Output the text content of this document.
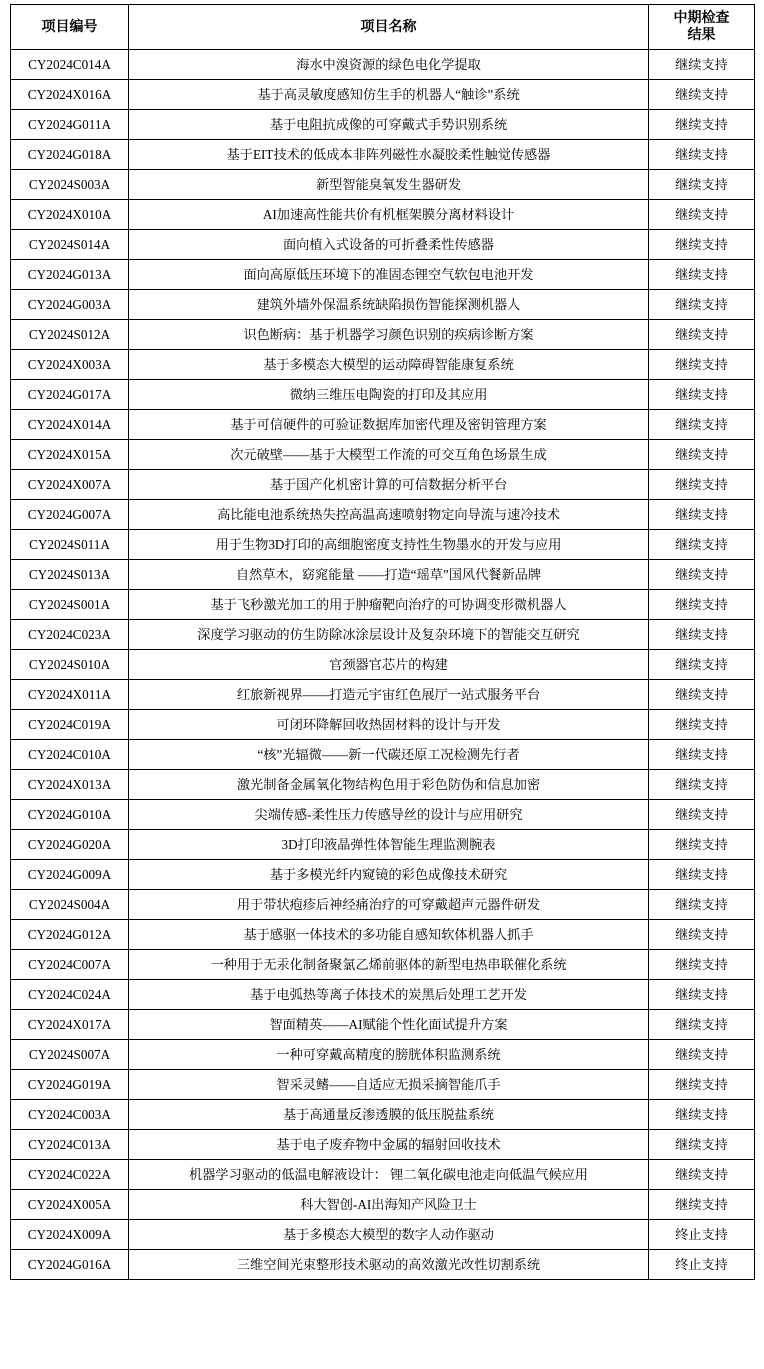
项目编号	项目名称	中期检查
结果

CY2024C014A	海水中溴资源的绿色电化学提取	继续支持
CY2024X016A	基于高灵敏度感知仿生手的机器人“触诊”系统	继续支持
CY2024G011A	基于电阻抗成像的可穿戴式手势识别系统	继续支持
CY2024G018A	基于EIT技术的低成本非阵列磁性水凝胶柔性触觉传感器	继续支持
CY2024S003A	新型智能臭氧发生器研发	继续支持
CY2024X010A	AI加速高性能共价有机框架膜分离材料设计	继续支持
CY2024S014A	面向植入式设备的可折叠柔性传感器	继续支持
CY2024G013A	面向高原低压环境下的准固态锂空气软包电池开发	继续支持
CY2024G003A	建筑外墙外保温系统缺陷损伤智能探测机器人	继续支持
CY2024S012A	识色断病：基于机器学习颜色识别的疾病诊断方案	继续支持
CY2024X003A	基于多模态大模型的运动障碍智能康复系统	继续支持
CY2024G017A	微纳三维压电陶瓷的打印及其应用	继续支持
CY2024X014A	基于可信硬件的可验证数据库加密代理及密钥管理方案	继续支持
CY2024X015A	次元破壁——基于大模型工作流的可交互角色场景生成	继续支持
CY2024X007A	基于国产化机密计算的可信数据分析平台	继续支持
CY2024G007A	高比能电池系统热失控高温高速喷射物定向导流与速冷技术	继续支持
CY2024S011A	用于生物3D打印的高细胞密度支持性生物墨水的开发与应用	继续支持
CY2024S013A	自然草木，窈窕能量 ——打造“瑶草”国风代餐新品牌	继续支持
CY2024S001A	基于飞秒激光加工的用于肿瘤靶向治疗的可协调变形微机器人	继续支持
CY2024C023A	深度学习驱动的仿生防除冰涂层设计及复杂环境下的智能交互研究	继续支持
CY2024S010A	官颈器官芯片的构建	继续支持
CY2024X011A	红旅新视界——打造元宇宙红色展厅一站式服务平台	继续支持
CY2024C019A	可闭环降解回收热固材料的设计与开发	继续支持
CY2024C010A	“核”光辐微——新一代碳还原工况检测先行者	继续支持
CY2024X013A	激光制备金属氧化物结构色用于彩色防伪和信息加密	继续支持
CY2024G010A	尖端传感-柔性压力传感导丝的设计与应用研究	继续支持
CY2024G020A	3D打印液晶弹性体智能生理监测腕表	继续支持
CY2024G009A	基于多模光纤内窥镜的彩色成像技术研究	继续支持
CY2024S004A	用于带状疱疹后神经痛治疗的可穿戴超声元器件研发	继续支持
CY2024G012A	基于感驱一体技术的多功能自感知软体机器人抓手	继续支持
CY2024C007A	一种用于无汞化制备聚氯乙烯前驱体的新型电热串联催化系统	继续支持
CY2024C024A	基于电弧热等离子体技术的炭黑后处理工艺开发	继续支持
CY2024X017A	智面精英——AI赋能个性化面试提升方案	继续支持
CY2024S007A	一种可穿戴高精度的膀胱体积监测系统	继续支持
CY2024G019A	智采灵鳍——自适应无损采摘智能爪手	继续支持
CY2024C003A	基于高通量反渗透膜的低压脱盐系统	继续支持
CY2024C013A	基于电子废弃物中金属的辐射回收技术	继续支持
CY2024C022A	机器学习驱动的低温电解液设计： 锂二氧化碳电池走向低温气候应用	继续支持
CY2024X005A	科大智创-AI出海知产风险卫士	继续支持
CY2024X009A	基于多模态大模型的数字人动作驱动	终止支持
CY2024G016A	三维空间光束整形技术驱动的高效激光改性切割系统	终止支持
